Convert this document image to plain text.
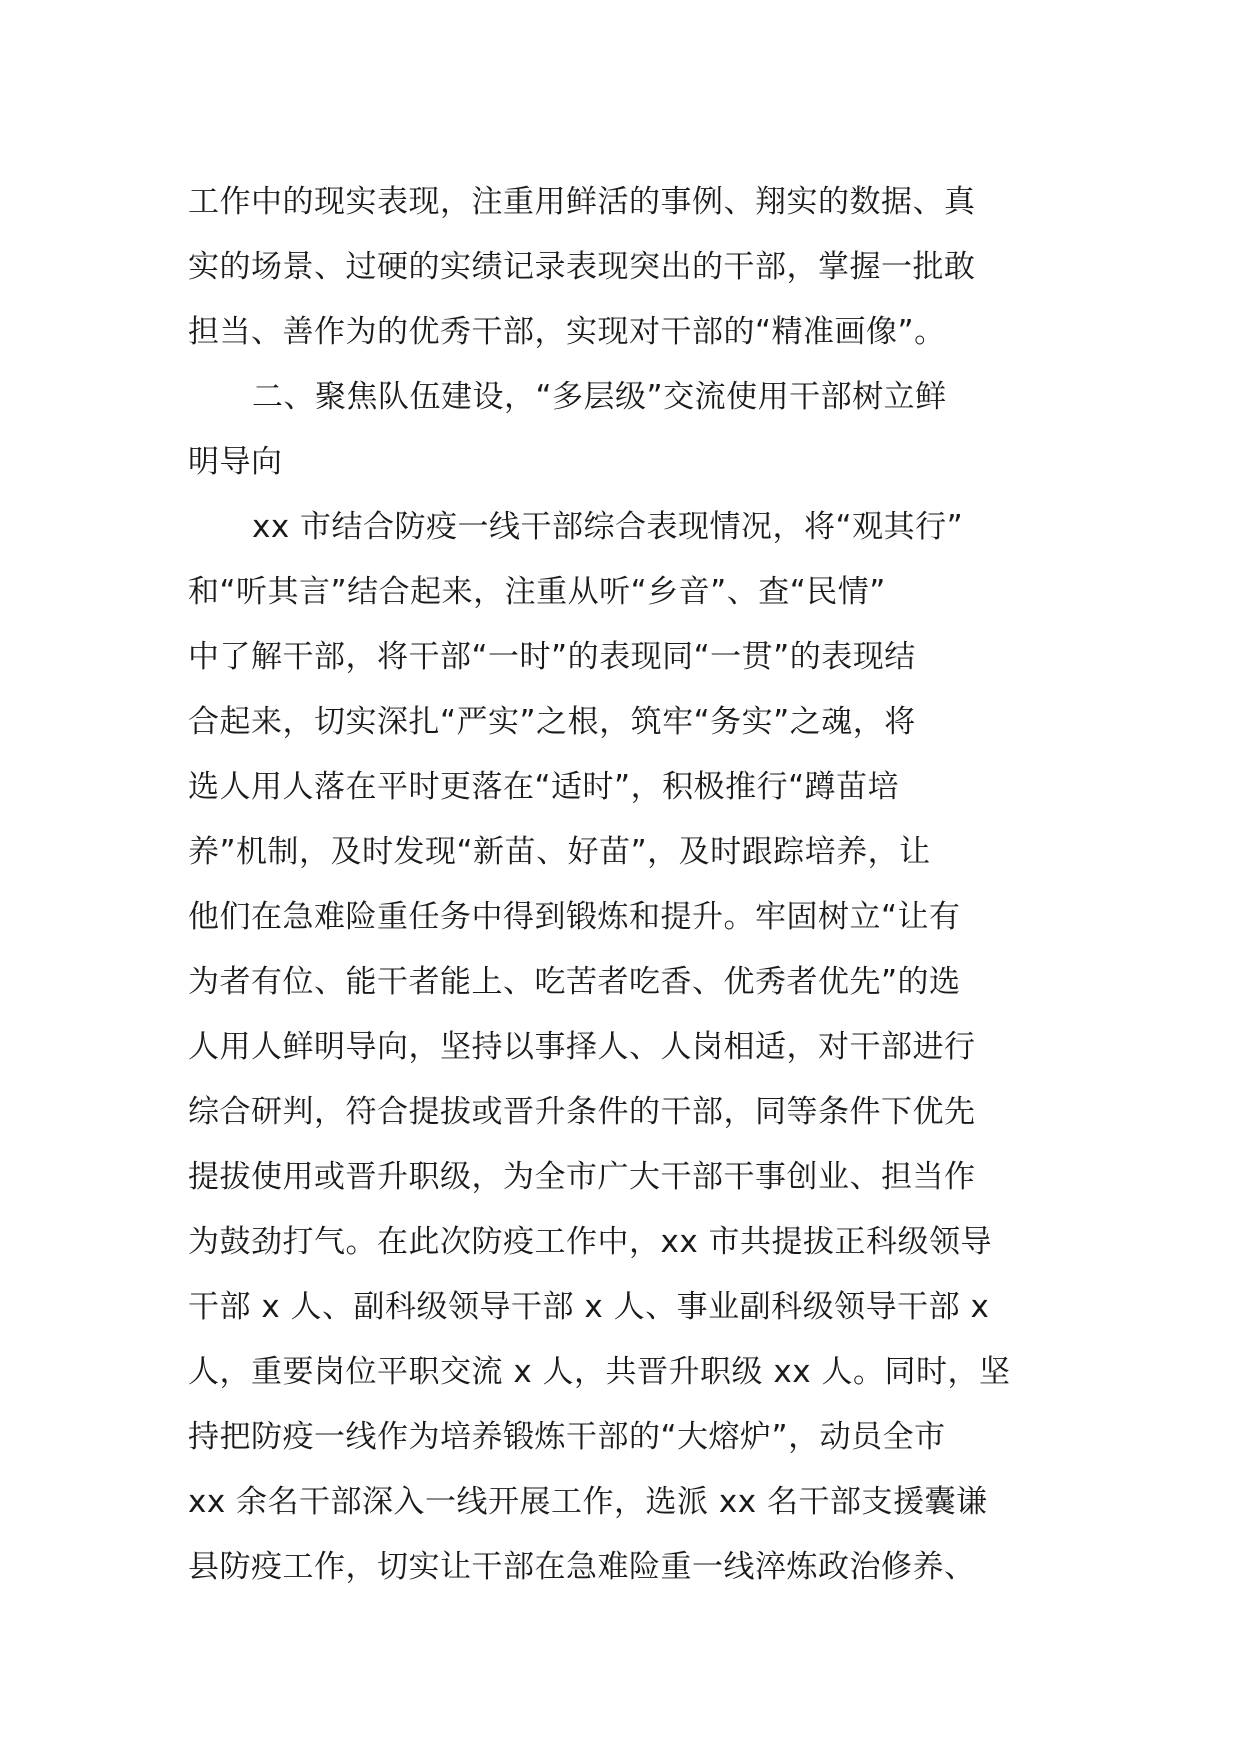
工作中的现实表现，注重用鲜活的事例、翔实的数据、真
实的场景、过硬的实绩记录表现突出的干部，掌握一批敢
担当、善作为的优秀干部，实现对干部的“精准画像”。
二、聚焦队伍建设，“多层级”交流使用干部树立鲜
明导向
xx 市结合防疫一线干部综合表现情况，将“观其行”
和“听其言”结合起来，注重从听“乡音”、查“民情”
中了解干部，将干部“一时”的表现同“一贯”的表现结
合起来，切实深扎“严实”之根，筑牢“务实”之魂，将
选人用人落在平时更落在“适时”，积极推行“蹲苗培
养”机制，及时发现“新苗、好苗”，及时跟踪培养，让
他们在急难险重任务中得到锻炼和提升。牢固树立“让有
为者有位、能干者能上、吃苦者吃香、优秀者优先”的选
人用人鲜明导向，坚持以事择人、人岗相适，对干部进行
综合研判，符合提拔或晋升条件的干部，同等条件下优先
提拔使用或晋升职级，为全市广大干部干事创业、担当作
为鼓劲打气。在此次防疫工作中，xx 市共提拔正科级领导
干部 x 人、副科级领导干部 x 人、事业副科级领导干部 x
人，重要岗位平职交流 x 人，共晋升职级 xx 人。同时，坚
持把防疫一线作为培养锻炼干部的“大熔炉”，动员全市
xx 余名干部深入一线开展工作，选派 xx 名干部支援囊谦
县防疫工作，切实让干部在急难险重一线淬炼政治修养、
